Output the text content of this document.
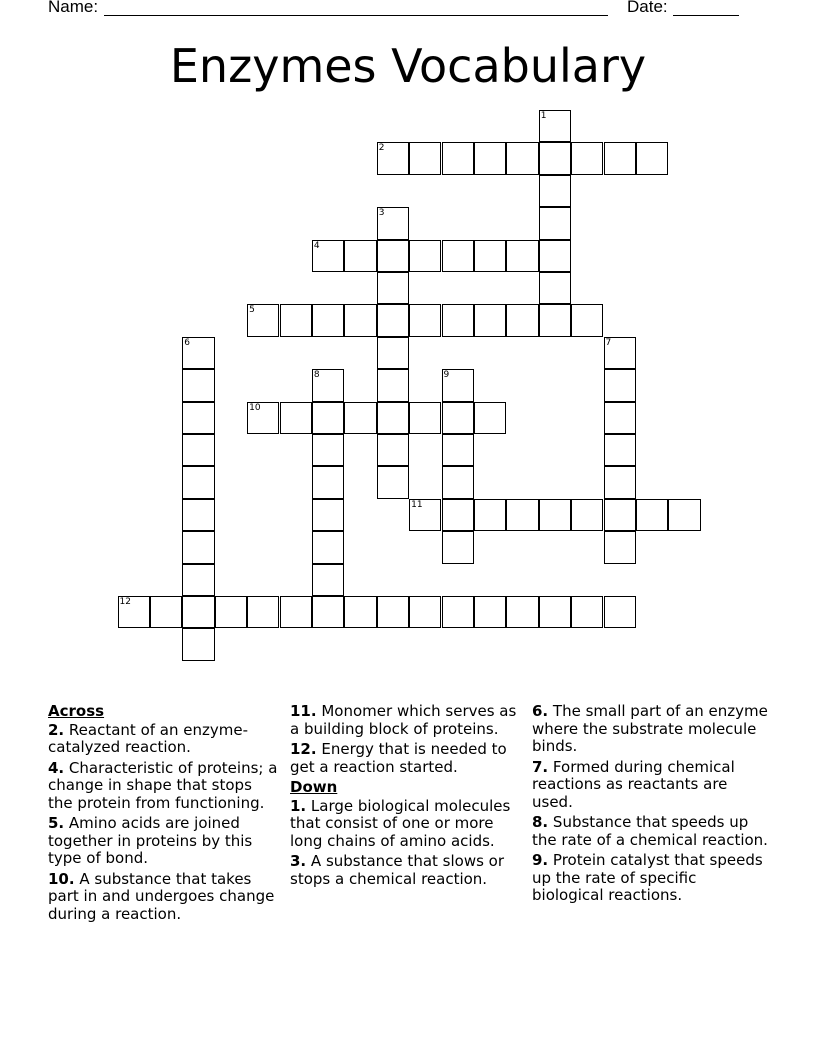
Name:	Date:
Enzymes Vocabulary
1
2
3
4
5
6	7
8	9
10
11
12
Across
2. Reactant of an enzyme-catalyzed reaction.
4. Characteristic of proteins; a change in shape that stops the protein from functioning.
5. Amino acids are joined together in proteins by this type of bond.
10. A substance that takes part in and undergoes change during a reaction.
11. Monomer which serves as a building block of proteins.
12. Energy that is needed to get a reaction started.
Down
1. Large biological molecules that consist of one or more long chains of amino acids.
3. A substance that slows or stops a chemical reaction.
6. The small part of an enzyme where the substrate molecule binds.
7. Formed during chemical reactions as reactants are used.
8. Substance that speeds up the rate of a chemical reaction.
9. Protein catalyst that speeds up the rate of specific biological reactions.
